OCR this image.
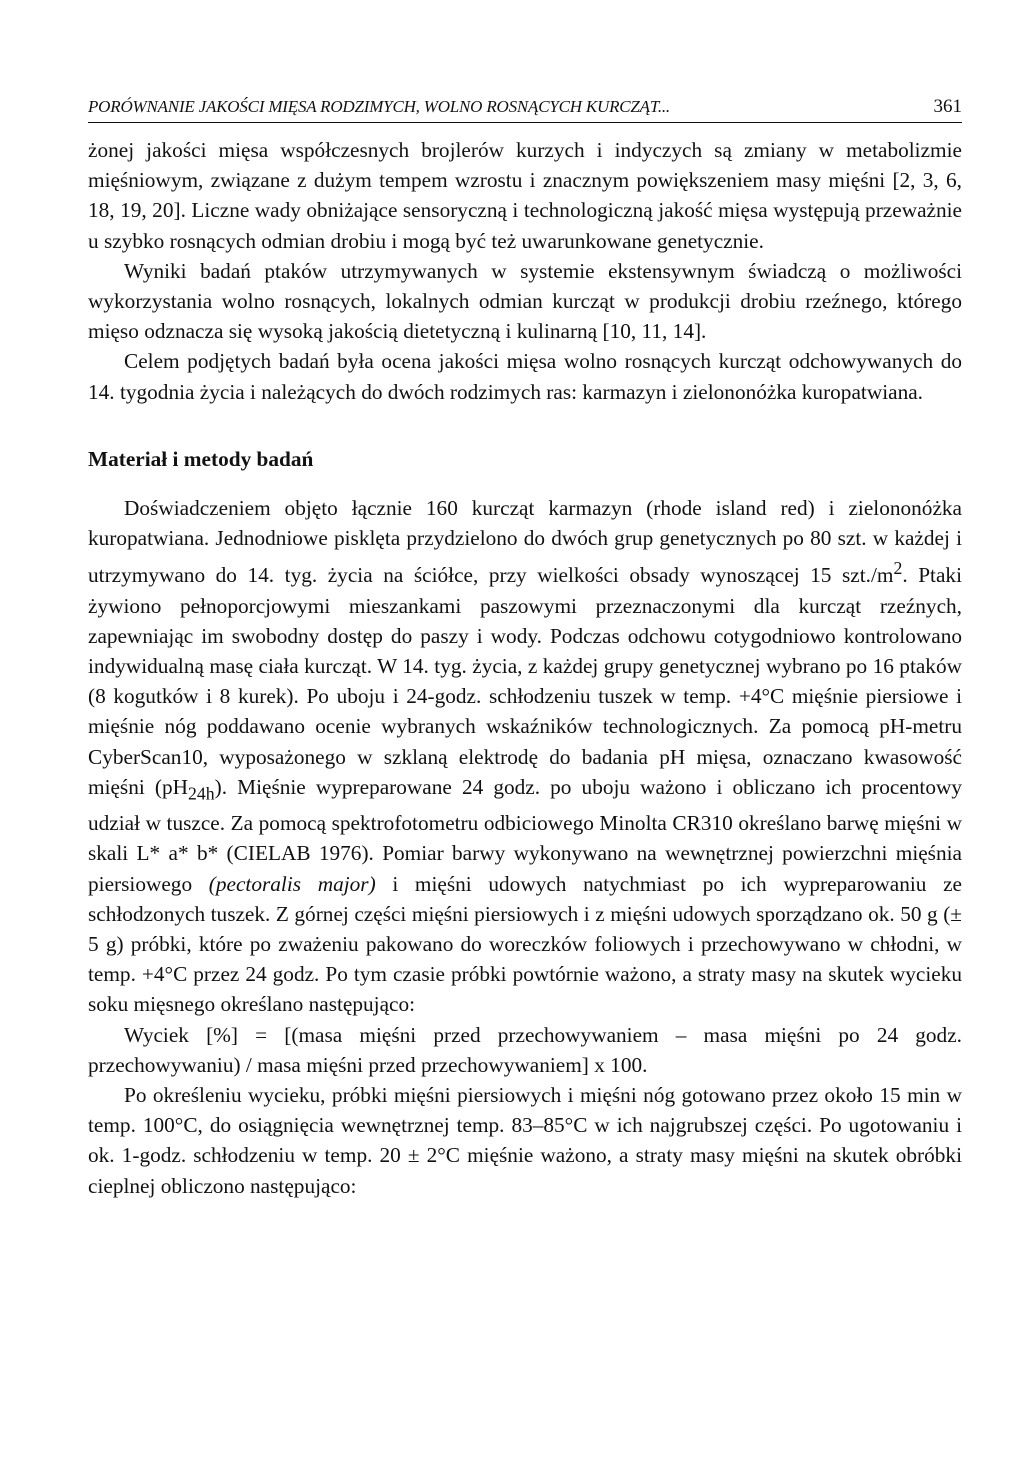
PORÓWNANIE JAKOŚCI MIĘSA RODZIMYCH, WOLNO ROSNĄCYCH KURCZĄT...	361

żonej jakości mięsa współczesnych brojlerów kurzych i indyczych są zmiany w metabolizmie mięśniowym, związane z dużym tempem wzrostu i znacznym powiększeniem masy mięśni [2, 3, 6, 18, 19, 20]. Liczne wady obniżające sensoryczną i technologiczną jakość mięsa występują przeważnie u szybko rosnących odmian drobiu i mogą być też uwarunkowane genetycznie.

Wyniki badań ptaków utrzymywanych w systemie ekstensywnym świadczą o możliwości wykorzystania wolno rosnących, lokalnych odmian kurcząt w produkcji drobiu rzeźnego, którego mięso odznacza się wysoką jakością dietetyczną i kulinarną [10, 11, 14].

Celem podjętych badań była ocena jakości mięsa wolno rosnących kurcząt odchowywanych do 14. tygodnia życia i należących do dwóch rodzimych ras: karmazyn i zielononóżka kuropatwiana.

Materiał i metody badań

Doświadczeniem objęto łącznie 160 kurcząt karmazyn (rhode island red) i zielononóżka kuropatwiana. Jednodniowe pisklęta przydzielono do dwóch grup genetycznych po 80 szt. w każdej i utrzymywano do 14. tyg. życia na ściółce, przy wielkości obsady wynoszącej 15 $szt./m^2$. Ptaki żywiono pełnoporcjowymi mieszankami paszowymi przeznaczonymi dla kurcząt rzeźnych, zapewniając im swobodny dostęp do paszy i wody. Podczas odchowu cotygodniowo kontrolowano indywidualną masę ciała kurcząt. W 14. tyg. życia, z każdej grupy genetycznej wybrano po 16 ptaków (8 kogutków i 8 kurek). Po uboju i 24-godz. schłodzeniu tuszek w temp. +4°C mięśnie piersiowe i mięśnie nóg poddawano ocenie wybranych wskaźników technologicznych. Za pomocą pH-metru CyberScan10, wyposażonego w szklaną elektrodę do badania pH mięsa, oznaczano kwasowość mięśni $(pH_{24h})$. Mięśnie wypreparowane 24 godz. po uboju ważono i obliczano ich procentowy udział w tuszce. Za pomocą spektrofotometru odbiciowego Minolta CR310 określano barwę mięśni w skali L* a* b* (CIELAB 1976). Pomiar barwy wykonywano na wewnętrznej powierzchni mięśnia piersiowego (pectoralis major) i mięśni udowych natychmiast po ich wypreparowaniu ze schłodzonych tuszek. Z górnej części mięśni piersiowych i z mięśni udowych sporządzano ok. 50 g (± 5 g) próbki, które po zważeniu pakowano do woreczków foliowych i przechowywano w chłodni, w temp. +4°C przez 24 godz. Po tym czasie próbki powtórnie ważono, a straty masy na skutek wycieku soku mięsnego określano następująco:

Wyciek [%] = [(masa mięśni przed przechowywaniem – masa mięśni po 24 godz. przechowywaniu) / masa mięśni przed przechowywaniem] x 100.

Po określeniu wycieku, próbki mięśni piersiowych i mięśni nóg gotowano przez około 15 min w temp. 100°C, do osiągnięcia wewnętrznej temp. 83–85°C w ich najgrubszej części. Po ugotowaniu i ok. 1-godz. schłodzeniu w temp. 20 ± 2°C mięśnie ważono, a straty masy mięśni na skutek obróbki cieplnej obliczono następująco:
